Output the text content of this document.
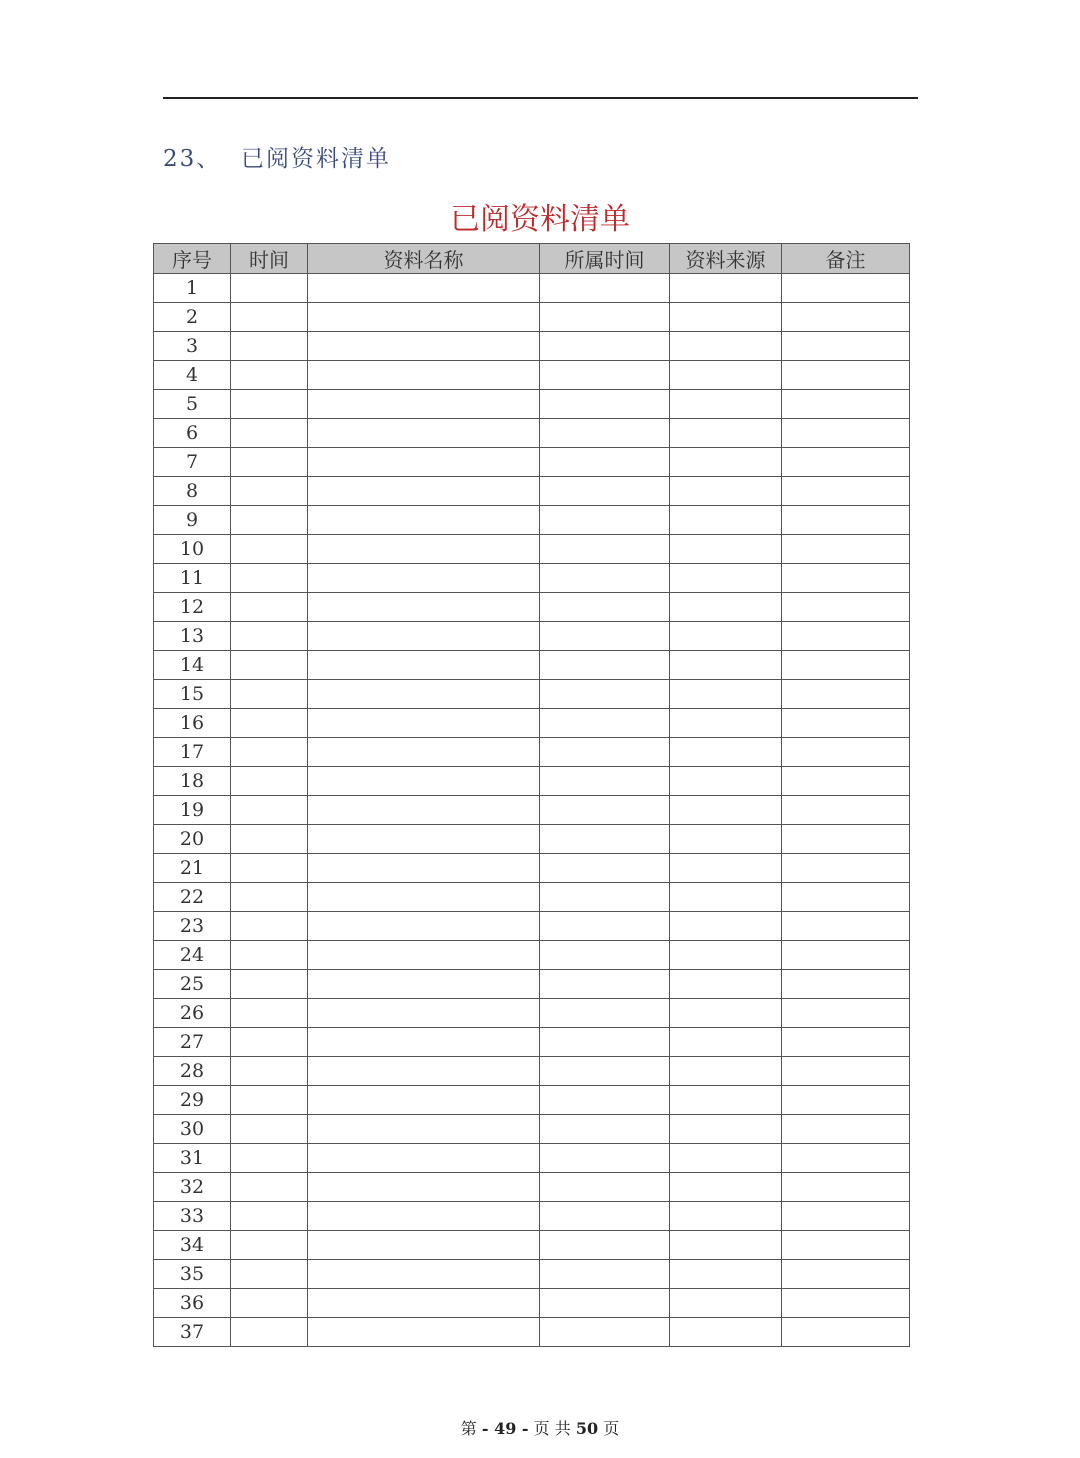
23、 已阅资料清单
已阅资料清单
序号	时间	资料名称	所属时间	资料来源	备注
1					
2					
3					
4					
5					
6					
7					
8					
9					
10					
11					
12					
13					
14					
15					
16					
17					
18					
19					
20					
21					
22					
23					
24					
25					
26					
27					
28					
29					
30					
31					
32					
33					
34					
35					
36					
37					
第 - 49 - 页 共 50 页
